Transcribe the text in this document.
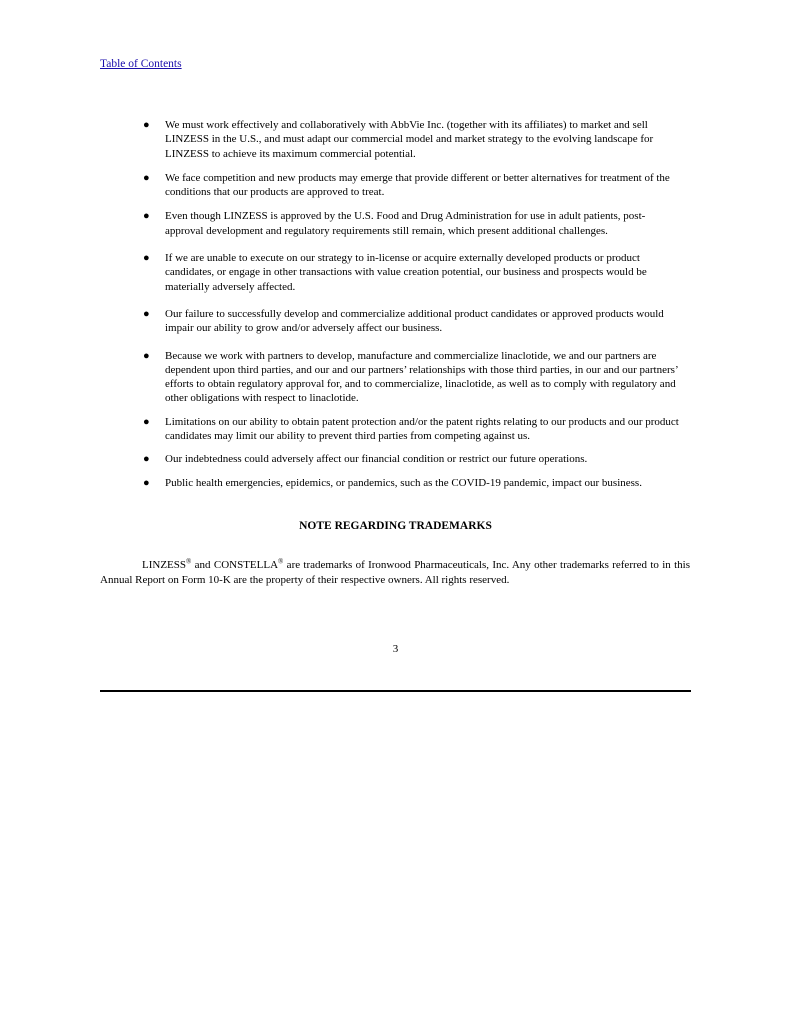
Table of Contents
● We must work effectively and collaboratively with AbbVie Inc. (together with its affiliates) to market and sell LINZESS in the U.S., and must adapt our commercial model and market strategy to the evolving landscape for LINZESS to achieve its maximum commercial potential.
● We face competition and new products may emerge that provide different or better alternatives for treatment of the conditions that our products are approved to treat.
● Even though LINZESS is approved by the U.S. Food and Drug Administration for use in adult patients, post-approval development and regulatory requirements still remain, which present additional challenges.
● If we are unable to execute on our strategy to in-license or acquire externally developed products or product candidates, or engage in other transactions with value creation potential, our business and prospects would be materially adversely affected.
● Our failure to successfully develop and commercialize additional product candidates or approved products would impair our ability to grow and/or adversely affect our business.
● Because we work with partners to develop, manufacture and commercialize linaclotide, we and our partners are dependent upon third parties, and our and our partners’ relationships with those third parties, in our and our partners’ efforts to obtain regulatory approval for, and to commercialize, linaclotide, as well as to comply with regulatory and other obligations with respect to linaclotide.
● Limitations on our ability to obtain patent protection and/or the patent rights relating to our products and our product candidates may limit our ability to prevent third parties from competing against us.
● Our indebtedness could adversely affect our financial condition or restrict our future operations.
● Public health emergencies, epidemics, or pandemics, such as the COVID-19 pandemic, impact our business.
NOTE REGARDING TRADEMARKS

LINZESS® and CONSTELLA® are trademarks of Ironwood Pharmaceuticals, Inc. Any other trademarks referred to in this Annual Report on Form 10-K are the property of their respective owners. All rights reserved.

3
